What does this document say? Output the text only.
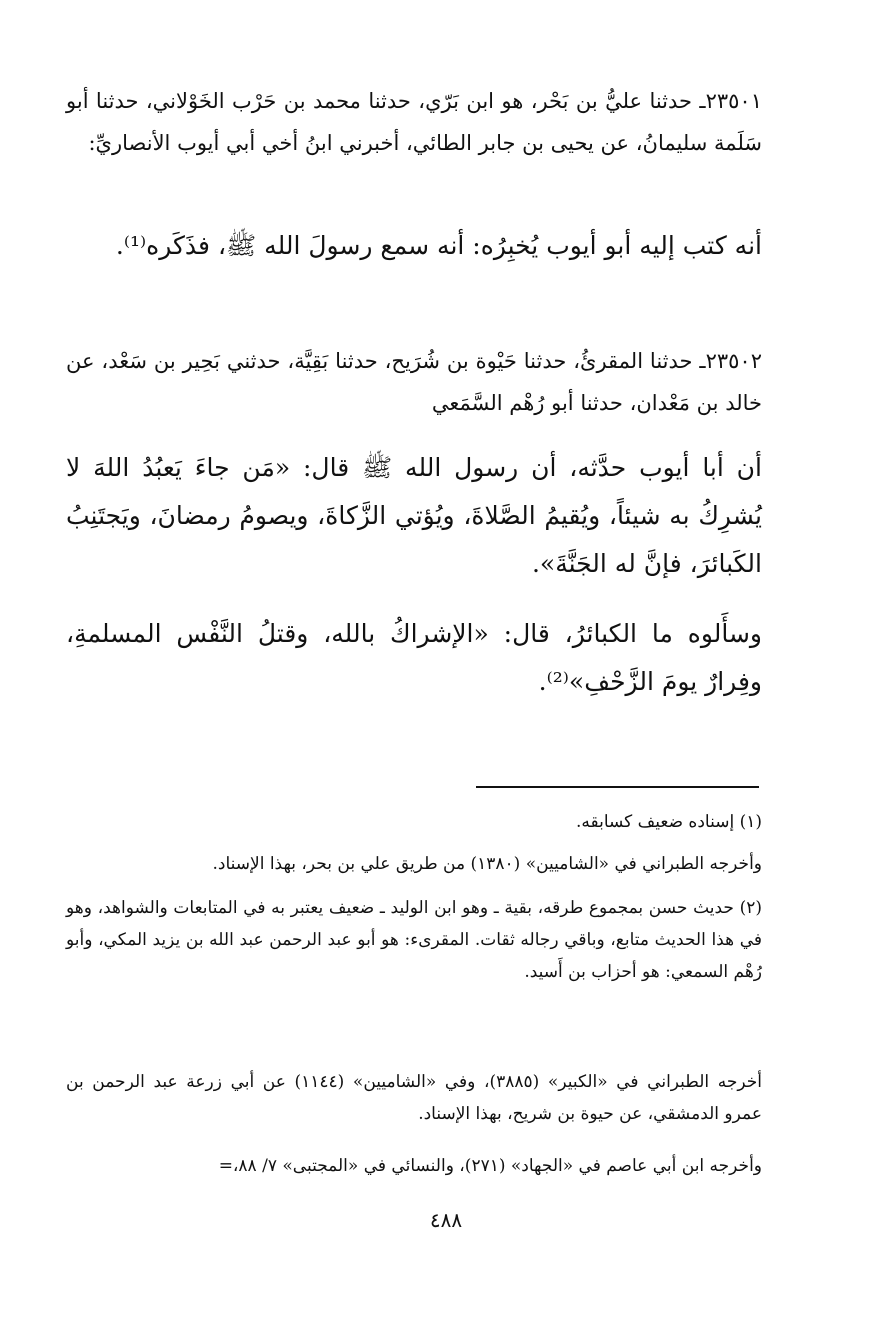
٢٣٥٠١ـ حدثنا عليُّ بن بَحْر، هو ابن بَرّي، حدثنا محمد بن حَرْب الخَوْلاني، حدثنا أبو سَلَمة سليمانُ، عن يحيى بن جابر الطائي، أخبرني ابنُ أخي أبي أيوب الأنصاريِّ:
أنه كتب إليه أبو أيوب يُخبِرُه: أنه سمع رسولَ الله ﷺ، فذَكَره⁽¹⁾.
٢٣٥٠٢ـ حدثنا المقرئُ، حدثنا حَيْوة بن شُرَيح، حدثنا بَقِيَّة، حدثني بَحِير بن سَعْد، عن خالد بن مَعْدان، حدثنا أبو رُهْم السَّمَعي
أن أبا أيوب حدَّثه، أن رسول الله ﷺ قال: «مَن جاءَ يَعبُدُ اللهَ لا يُشرِكُ به شيئاً، ويُقيمُ الصَّلاةَ، ويُؤتي الزَّكاةَ، ويصومُ رمضانَ، ويَجتَنِبُ الكَبائرَ، فإنَّ له الجَنَّةَ».
وسأَلوه ما الكبائرُ، قال: «الإشراكُ بالله، وقتلُ النَّفْس المسلمةِ، وفِرارٌ يومَ الزَّحْفِ»⁽²⁾.
(١) إسناده ضعيف كسابقه.
وأخرجه الطبراني في «الشاميين» (١٣٨٠) من طريق علي بن بحر، بهذا الإسناد.
(٢) حديث حسن بمجموع طرقه، بقية ـ وهو ابن الوليد ـ ضعيف يعتبر به في المتابعات والشواهد، وهو في هذا الحديث متابع، وباقي رجاله ثقات. المقرىء: هو أبو عبد الرحمن عبد الله بن يزيد المكي، وأبو رُهْم السمعي: هو أحزاب بن أَسيد.
أخرجه الطبراني في «الكبير» (٣٨٨٥)، وفي «الشاميين» (١١٤٤) عن أبي زرعة عبد الرحمن بن عمرو الدمشقي، عن حيوة بن شريح، بهذا الإسناد.
وأخرجه ابن أبي عاصم في «الجهاد» (٢٧١)، والنسائي في «المجتبى» ٧/ ٨٨،=
٤٨٨
